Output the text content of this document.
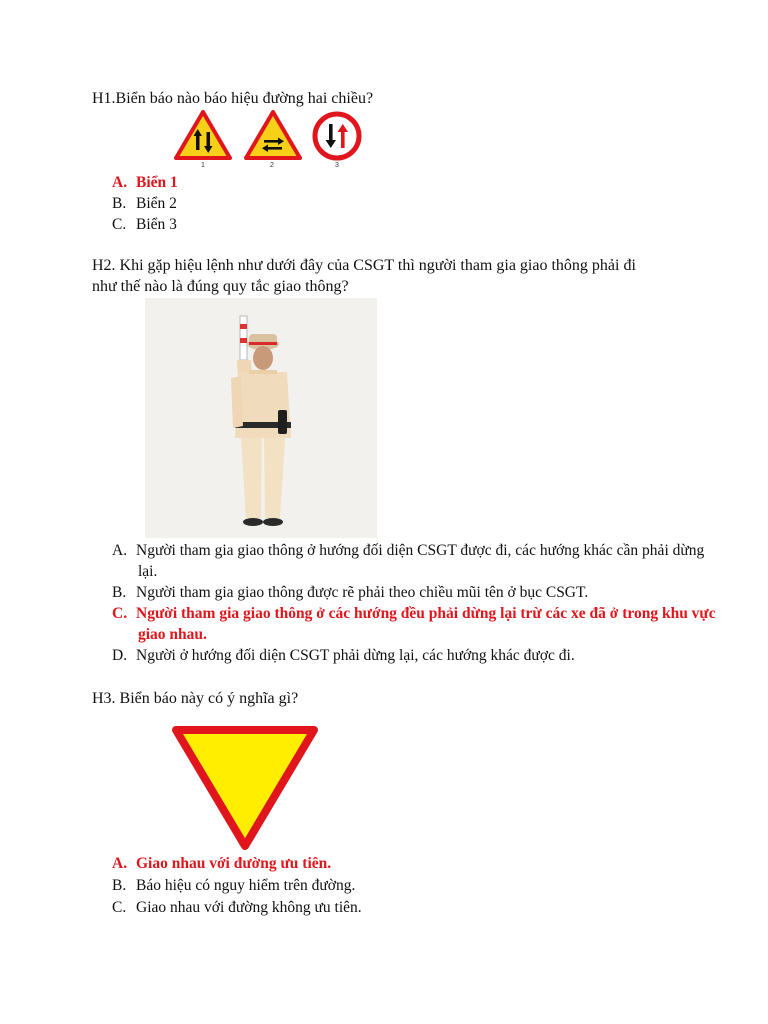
H1.Biển báo nào báo hiệu đường hai chiều?

1	2	3
A. Biển 1
B. Biển 2
C. Biển 3

H2. Khi gặp hiệu lệnh như dưới đây của CSGT thì người tham gia giao thông phải đi

như thế nào là đúng quy tắc giao thông?

A. Người tham gia giao thông ở hướng đối diện CSGT được đi, các hướng khác cần phải dừng lại.
B. Người tham gia giao thông được rẽ phải theo chiều mũi tên ở bục CSGT.
C. Người tham gia giao thông ở các hướng đều phải dừng lại trừ các xe đã ở trong khu vực giao nhau.
D. Người ở hướng đối diện CSGT phải dừng lại, các hướng khác được đi.

H3. Biển báo này có ý nghĩa gì?

A. Giao nhau với đường ưu tiên.
B. Báo hiệu có nguy hiểm trên đường.
C. Giao nhau với đường không ưu tiên.
